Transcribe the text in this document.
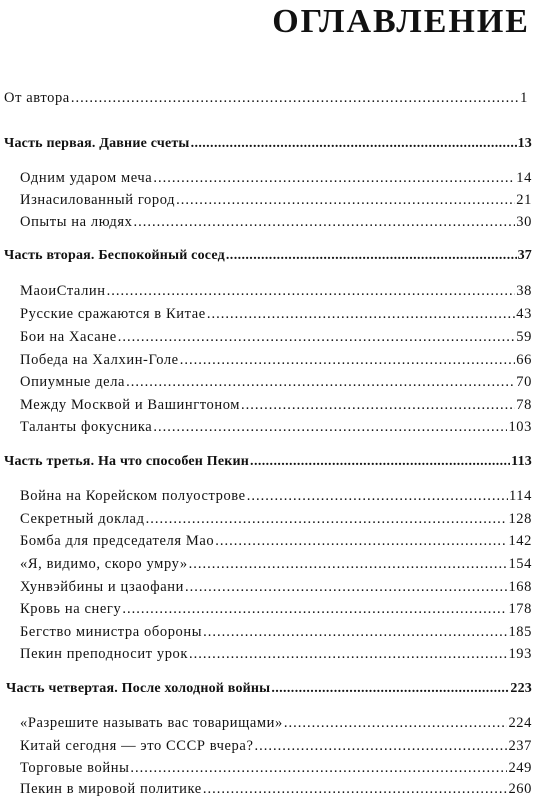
ОГЛАВЛЕНИЕ
От автора .....	1
Часть первая. Давние счеты .....	13
Одним ударом меча .....	14
Изнасилованный город .....	21
Опыты на людях .....	30
Часть вторая. Беспокойный сосед .....	37
МаоиСталин .....	38
Русские сражаются в Китае .....	43
Бои на Хасане .....	59
Победа на Халхин-Голе .....	66
Опиумные дела .....	70
Между Москвой и Вашингтоном .....	78
Таланты фокусника .....	103
Часть третья. На что способен Пекин .....	113
Война на Корейском полуострове .....	114
Секретный доклад .....	128
Бомба для председателя Мао .....	142
«Я, видимо, скоро умру» .....	154
Хунвэйбины и цзаофани .....	168
Кровь на снегу .....	178
Бегство министра обороны .....	185
Пекин преподносит урок .....	193
Часть четвертая. После холодной войны .....	223
«Разрешите называть вас товарищами» .....	224
Китай сегодня — это СССР вчера? .....	237
Торговые войны .....	249
Пекин в мировой политике .....	260
